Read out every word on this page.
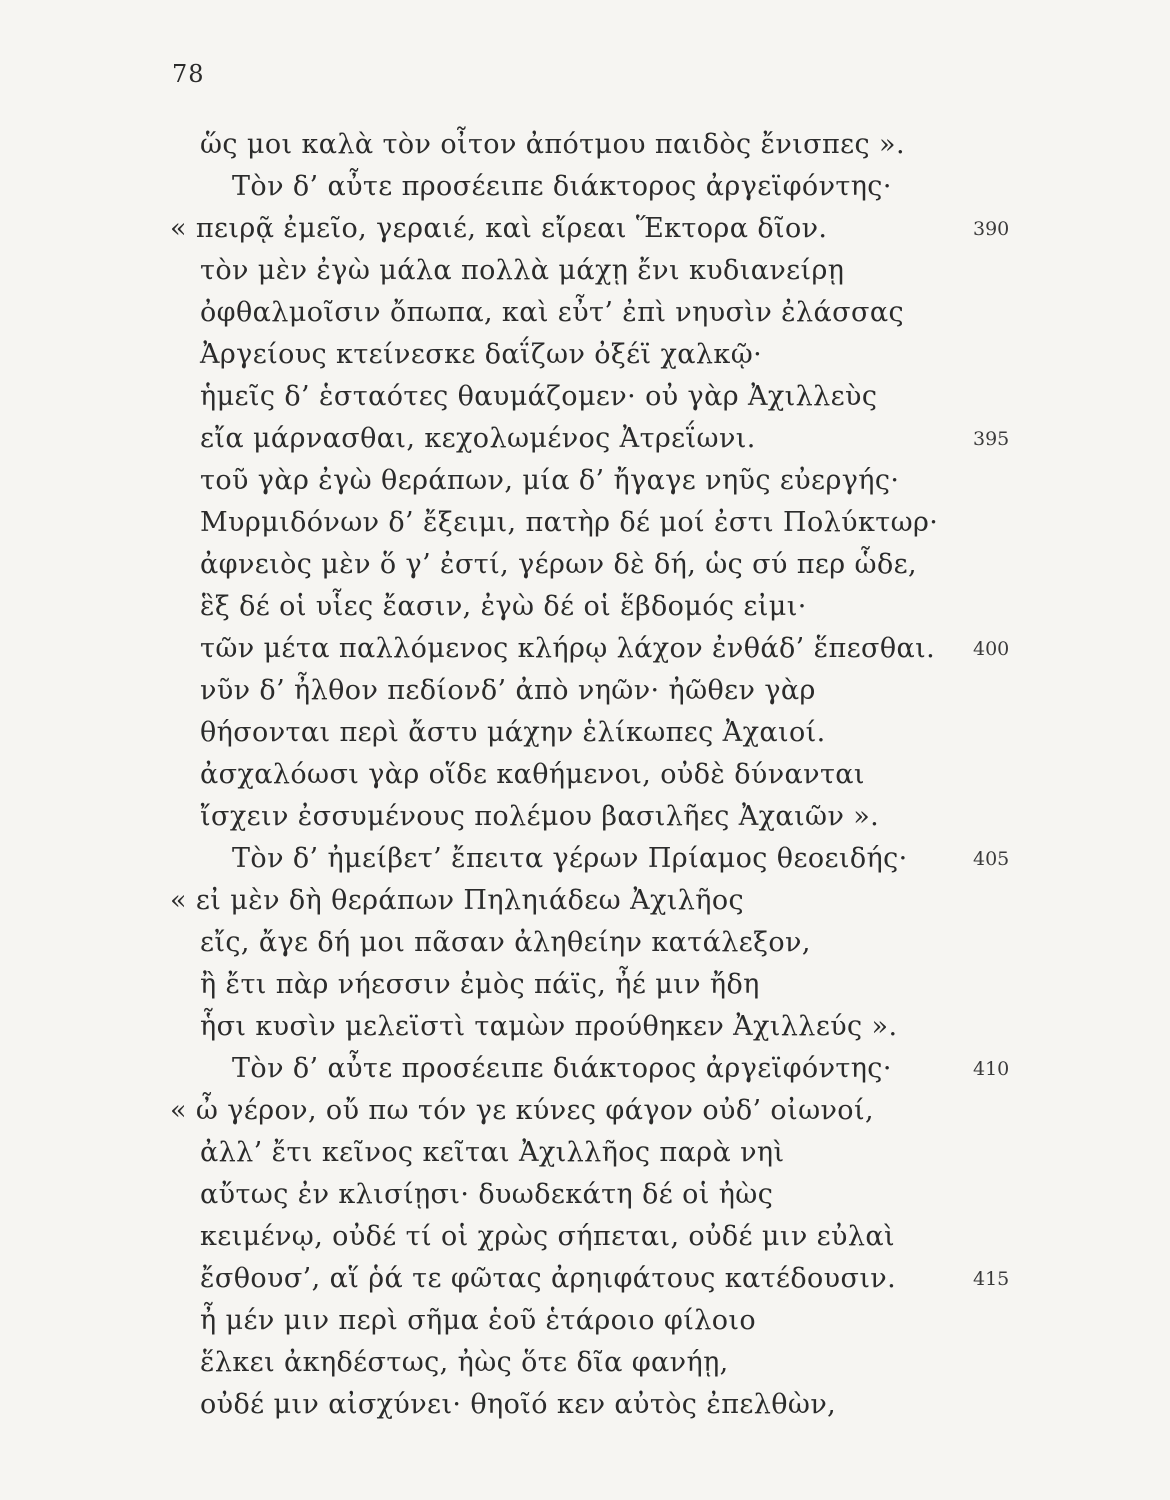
78
ὥς μοι καλὰ τὸν οἶτον ἀπότμου παιδὸς ἔνισπες ».
Τὸν δ’ αὖτε προσέειπε διάκτορος ἀργεϊφόντης·
« πειρᾷ ἐμεῖο, γεραιέ, καὶ εἴρεαι Ἕκτορα δῖον.	390
τὸν μὲν ἐγὼ μάλα πολλὰ μάχῃ ἔνι κυδιανείρῃ
ὀφθαλμοῖσιν ὄπωπα, καὶ εὖτ’ ἐπὶ νηυσὶν ἐλάσσας
Ἀργείους κτείνεσκε δαΐζων ὀξέϊ χαλκῷ·
ἡμεῖς δ’ ἑσταότες θαυμάζομεν· οὐ γὰρ Ἀχιλλεὺς
εἴα μάρνασθαι, κεχολωμένος Ἀτρεΐωνι.	395
τοῦ γὰρ ἐγὼ θεράπων, μία δ’ ἤγαγε νηῦς εὐεργής·
Μυρμιδόνων δ’ ἔξειμι, πατὴρ δέ μοί ἐστι Πολύκτωρ·
ἀφνειὸς μὲν ὅ γ’ ἐστί, γέρων δὲ δή, ὡς σύ περ ὧδε,
ἓξ δέ οἱ υἷες ἔασιν, ἐγὼ δέ οἱ ἕβδομός εἰμι·
τῶν μέτα παλλόμενος κλήρῳ λάχον ἐνθάδ’ ἕπεσθαι. 400
νῦν δ’ ἦλθον πεδίονδ’ ἀπὸ νηῶν· ἠῶθεν γὰρ
θήσονται περὶ ἄστυ μάχην ἑλίκωπες Ἀχαιοί.
ἀσχαλόωσι γὰρ οἵδε καθήμενοι, οὐδὲ δύνανται
ἴσχειν ἐσσυμένους πολέμου βασιλῆες Ἀχαιῶν ».
Τὸν δ’ ἠμείβετ’ ἔπειτα γέρων Πρίαμος θεοειδής·	405
« εἰ μὲν δὴ θεράπων Πηληιάδεω Ἀχιλῆος
εἴς, ἄγε δή μοι πᾶσαν ἀληθείην κατάλεξον,
ἢ ἔτι πὰρ νήεσσιν ἐμὸς πάϊς, ἦέ μιν ἤδη
ἧσι κυσὶν μελεϊστὶ ταμὼν προύθηκεν Ἀχιλλεύς ».
Τὸν δ’ αὖτε προσέειπε διάκτορος ἀργεϊφόντης·	410
« ὦ γέρον, οὔ πω τόν γε κύνες φάγον οὐδ’ οἰωνοί,
ἀλλ’ ἔτι κεῖνος κεῖται Ἀχιλλῆος παρὰ νηὶ
αὔτως ἐν κλισίῃσι· δυωδεκάτη δέ οἱ ἠὼς
κειμένῳ, οὐδέ τί οἱ χρὼς σήπεται, οὐδέ μιν εὐλαὶ
ἔσθουσ’, αἵ ῥά τε φῶτας ἀρηιφάτους κατέδουσιν.	415
ἦ μέν μιν περὶ σῆμα ἑοῦ ἑτάροιο φίλοιο
ἕλκει ἀκηδέστως, ἠὼς ὅτε δῖα φανήῃ,
οὐδέ μιν αἰσχύνει· θηοῖό κεν αὐτὸς ἐπελθὼν,
